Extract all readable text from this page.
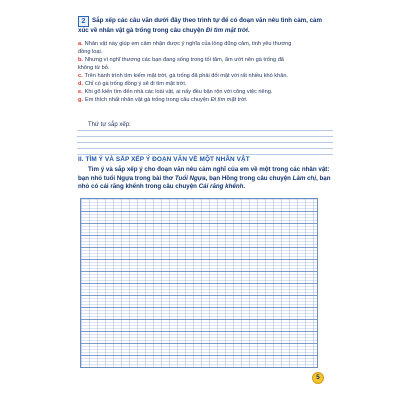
2 Sắp xếp các câu văn dưới đây theo trình tự để có đoạn văn nêu tình cảm, cảm xúc về nhân vật gà trống trong câu chuyện Đi tìm mặt trời.
a. Nhân vật này giúp em cảm nhận được ý nghĩa của lòng dũng cảm, tinh yêu thương
đồng loại.
b. Nhưng vì nghĩ thương các bạn đang sống trong tối tăm, ẩm ướt nên gà trống đã
không từ bỏ.
c. Trên hành trình tìm kiếm mặt trời, gà trống đã phải đối mặt với rất nhiều khó khăn.
d. Chỉ có gà trống đồng ý sẽ đi tìm mặt trời.
e. Khi gõ kiến tìm đến nhà các loài vật, ai nấy đều bận rộn với công việc riêng.
g. Em thích nhất nhân vật gà trống trong câu chuyện Đi tìm mặt trời.
Thứ tự sắp xếp:
II. TÌM Ý VÀ SẮP XẾP Ý ĐOẠN VĂN VỀ MỘT NHÂN VẬT
Tìm ý và sắp xếp ý cho đoạn văn nêu cảm nghĩ của em về một trong các nhân vật: bạn nhỏ tuổi Ngựa trong bài thơ Tuổi Ngựa, bạn Hồng trong câu chuyện Làm chị, bạn nhỏ có cái răng khểnh trong câu chuyện Cái răng khểnh.
5
